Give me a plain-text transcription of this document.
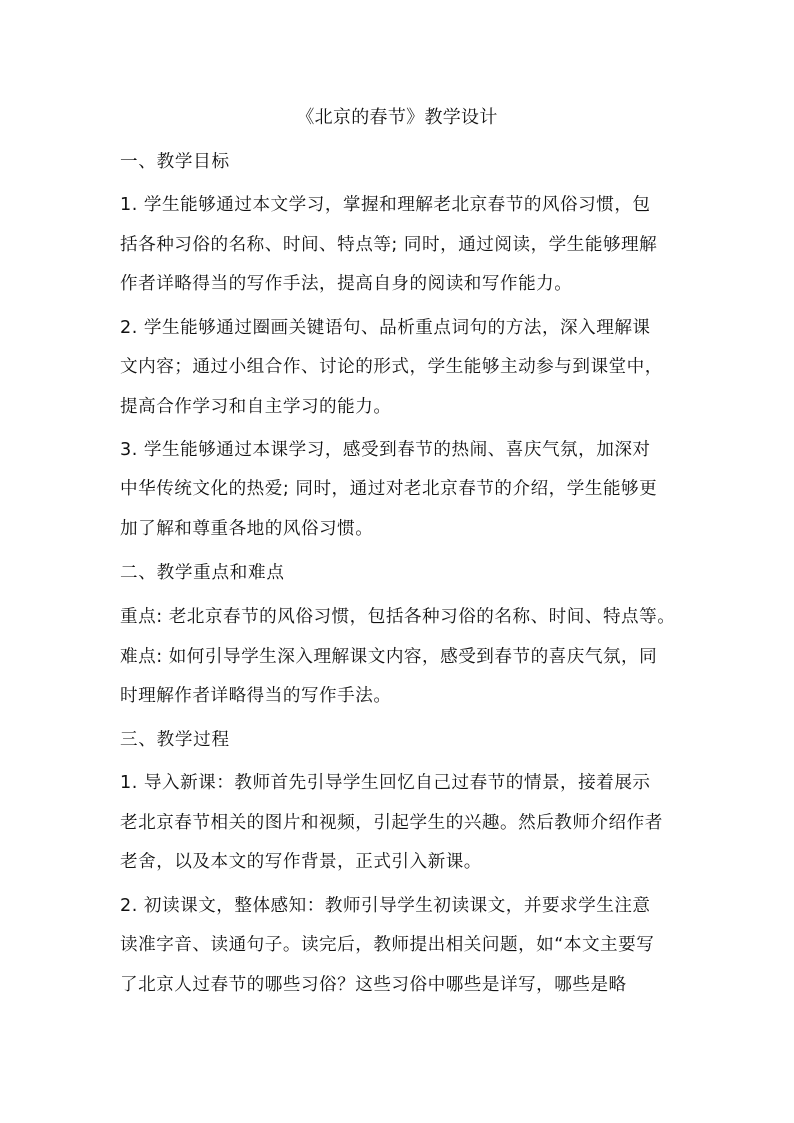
《北京的春节》教学设计
一、教学目标
1. 学生能够通过本文学习，掌握和理解老北京春节的风俗习惯，包
括各种习俗的名称、时间、特点等; 同时，通过阅读，学生能够理解
作者详略得当的写作手法，提高自身的阅读和写作能力。
2. 学生能够通过圈画关键语句、品析重点词句的方法，深入理解课
文内容；通过小组合作、讨论的形式，学生能够主动参与到课堂中，
提高合作学习和自主学习的能力。
3. 学生能够通过本课学习，感受到春节的热闹、喜庆气氛，加深对
中华传统文化的热爱; 同时，通过对老北京春节的介绍，学生能够更
加了解和尊重各地的风俗习惯。
二、教学重点和难点
重点: 老北京春节的风俗习惯，包括各种习俗的名称、时间、特点等。
难点: 如何引导学生深入理解课文内容，感受到春节的喜庆气氛，同
时理解作者详略得当的写作手法。
三、教学过程
1. 导入新课：教师首先引导学生回忆自己过春节的情景，接着展示
老北京春节相关的图片和视频，引起学生的兴趣。然后教师介绍作者
老舍，以及本文的写作背景，正式引入新课。
2. 初读课文，整体感知：教师引导学生初读课文，并要求学生注意
读准字音、读通句子。读完后，教师提出相关问题，如“本文主要写
了北京人过春节的哪些习俗？这些习俗中哪些是详写，哪些是略
